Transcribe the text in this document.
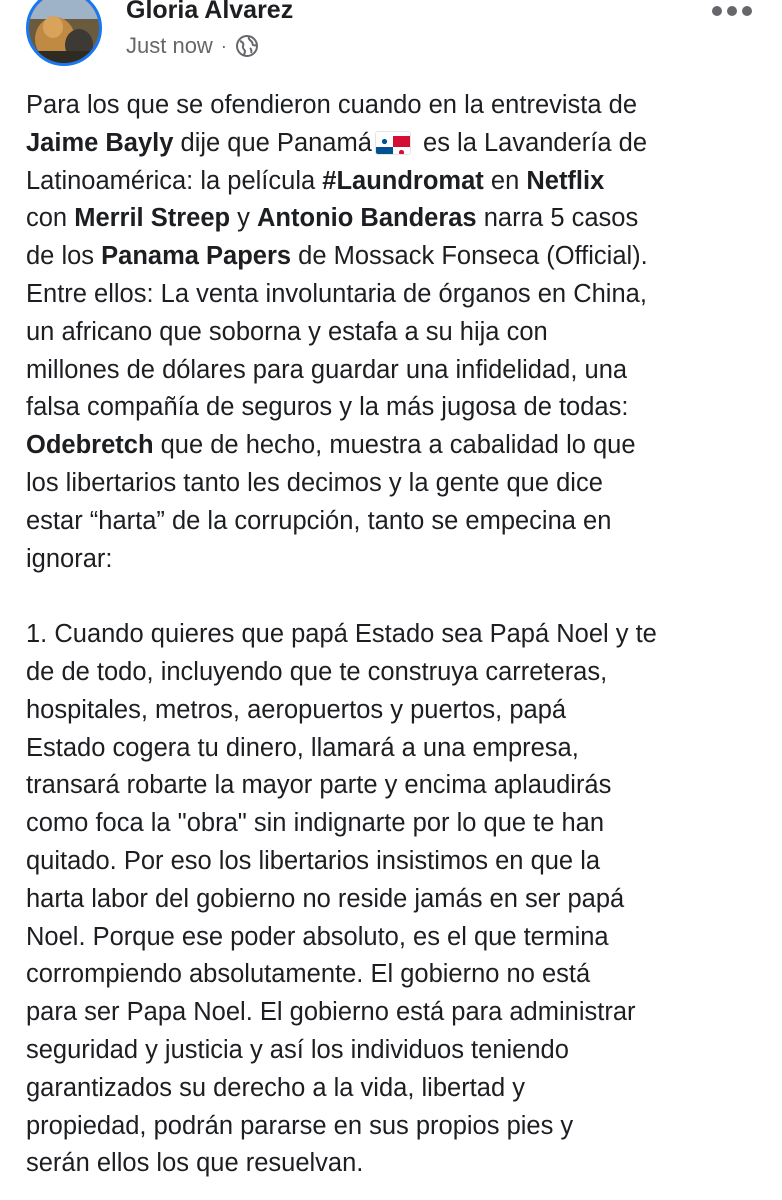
Gloria Alvarez
Just now ·
Para los que se ofendieron cuando en la entrevista de
Jaime Bayly dije que Panamá es la Lavandería de
Latinoamérica: la película #Laundromat en Netflix
con Merril Streep y Antonio Banderas narra 5 casos
de los Panama Papers de Mossack Fonseca (Official).
Entre ellos: La venta involuntaria de órganos en China,
un africano que soborna y estafa a su hija con
millones de dólares para guardar una infidelidad, una
falsa compañía de seguros y la más jugosa de todas:
Odebretch que de hecho, muestra a cabalidad lo que
los libertarios tanto les decimos y la gente que dice
estar “harta” de la corrupción, tanto se empecina en
ignorar:
1. Cuando quieres que papá Estado sea Papá Noel y te
de de todo, incluyendo que te construya carreteras,
hospitales, metros, aeropuertos y puertos, papá
Estado cogera tu dinero, llamará a una empresa,
transará robarte la mayor parte y encima aplaudirás
como foca la "obra" sin indignarte por lo que te han
quitado. Por eso los libertarios insistimos en que la
harta labor del gobierno no reside jamás en ser papá
Noel. Porque ese poder absoluto, es el que termina
corrompiendo absolutamente. El gobierno no está
para ser Papa Noel. El gobierno está para administrar
seguridad y justicia y así los individuos teniendo
garantizados su derecho a la vida, libertad y
propiedad, podrán pararse en sus propios pies y
serán ellos los que resuelvan.
